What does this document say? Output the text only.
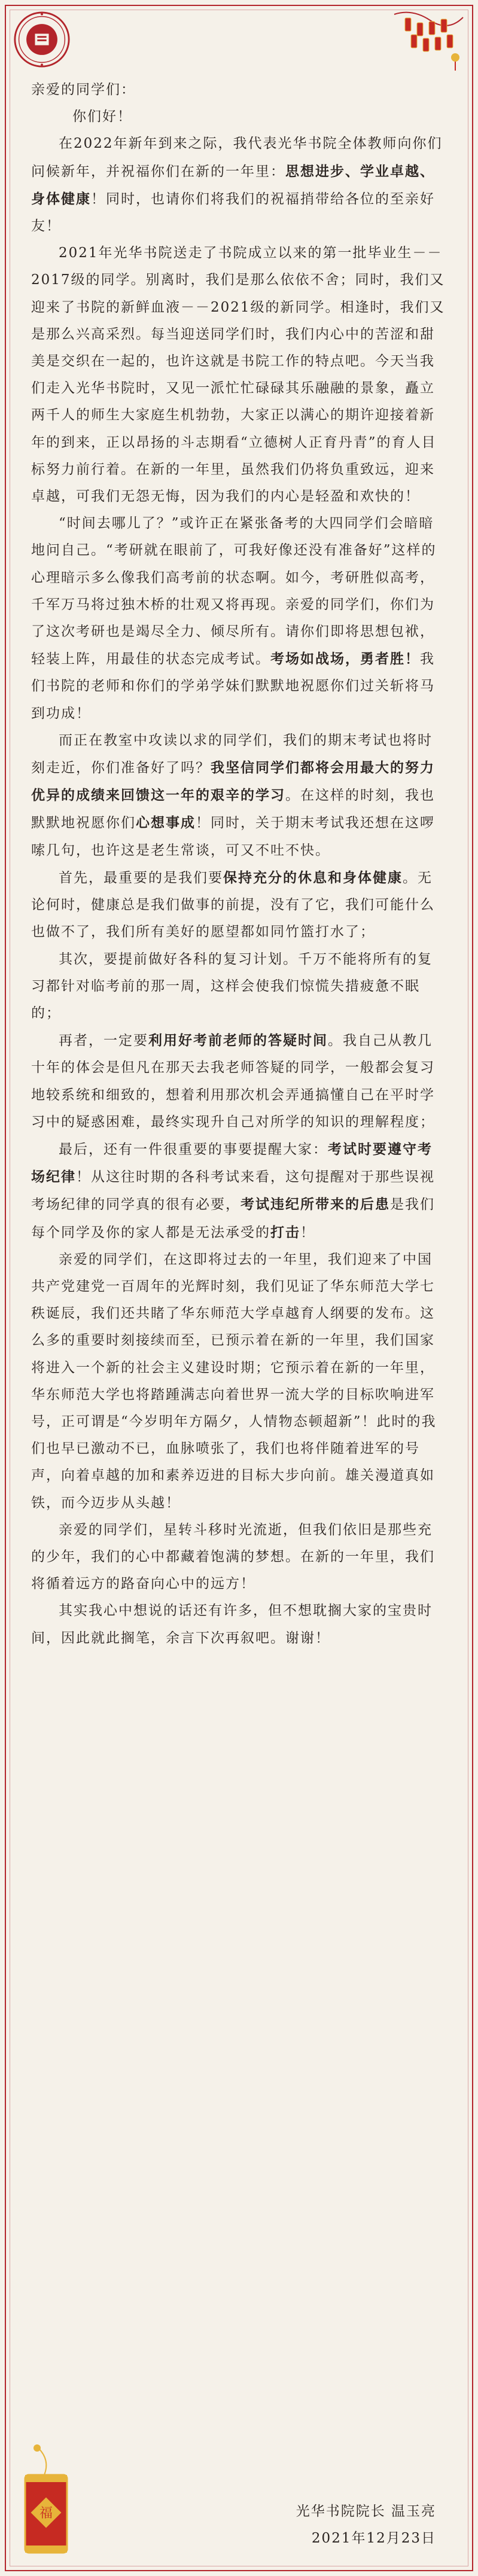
亲爱的同学们：

你们好！

在2022年新年到来之际，我代表光华书院全体教师向你们问候新年，并祝福你们在新的一年里：思想进步、学业卓越、身体健康！同时，也请你们将我们的祝福捎带给各位的至亲好友！

2021年光华书院送走了书院成立以来的第一批毕业生－－2017级的同学。别离时，我们是那么依依不舍；同时，我们又迎来了书院的新鲜血液－－2021级的新同学。相逢时，我们又是那么兴高采烈。每当迎送同学们时，我们内心中的苦涩和甜美是交织在一起的，也许这就是书院工作的特点吧。今天当我们走入光华书院时，又见一派忙忙碌碌其乐融融的景象，矗立两千人的师生大家庭生机勃勃，大家正以满心的期许迎接着新年的到来，正以昂扬的斗志期看“立德树人正育丹青”的育人目标努力前行着。在新的一年里，虽然我们仍将负重致远，迎来卓越，可我们无怨无悔，因为我们的内心是轻盈和欢快的！

“时间去哪儿了？”或许正在紧张备考的大四同学们会暗暗地问自己。“考研就在眼前了，可我好像还没有准备好”这样的心理暗示多么像我们高考前的状态啊。如今，考研胜似高考，千军万马将过独木桥的壮观又将再现。亲爱的同学们，你们为了这次考研也是竭尽全力、倾尽所有。请你们即将思想包袱，轻装上阵，用最佳的状态完成考试。考场如战场，勇者胜！我们书院的老师和你们的学弟学妹们默默地祝愿你们过关斩将马到功成！

而正在教室中攻读以求的同学们，我们的期末考试也将时刻走近，你们准备好了吗？我坚信同学们都将会用最大的努力优异的成绩来回馈这一年的艰辛的学习。在这样的时刻，我也默默地祝愿你们心想事成！同时，关于期末考试我还想在这啰嗦几句，也许这是老生常谈，可又不吐不快。

首先，最重要的是我们要保持充分的休息和身体健康。无论何时，健康总是我们做事的前提，没有了它，我们可能什么也做不了，我们所有美好的愿望都如同竹篮打水了；

其次，要提前做好各科的复习计划。千万不能将所有的复习都针对临考前的那一周，这样会使我们惊慌失措疲惫不眠的；

再者，一定要利用好考前老师的答疑时间。我自己从教几十年的体会是但凡在那天去我老师答疑的同学，一般都会复习地较系统和细致的，想着利用那次机会弄通搞懂自己在平时学习中的疑惑困难，最终实现升自己对所学的知识的理解程度；

最后，还有一件很重要的事要提醒大家：考试时要遵守考场纪律！从这往时期的各科考试来看，这句提醒对于那些误视考场纪律的同学真的很有必要，考试违纪所带来的后患是我们每个同学及你的家人都是无法承受的打击！

亲爱的同学们，在这即将过去的一年里，我们迎来了中国共产党建党一百周年的光辉时刻，我们见证了华东师范大学七秩诞辰，我们还共睹了华东师范大学卓越育人纲要的发布。这么多的重要时刻接续而至，已预示着在新的一年里，我们国家将进入一个新的社会主义建设时期；它预示着在新的一年里，华东师范大学也将踏踵满志向着世界一流大学的目标吹响进军号，正可谓是“今岁明年方隔夕，人情物态顿超新”！此时的我们也早已激动不已，血脉喷张了，我们也将伴随着进军的号声，向着卓越的加和素养迈进的目标大步向前。雄关漫道真如铁，而今迈步从头越！

亲爱的同学们，星转斗移时光流逝，但我们依旧是那些充的少年，我们的心中都藏着饱满的梦想。在新的一年里，我们将循着远方的路奋向心中的远方！

其实我心中想说的话还有许多，但不想耽搁大家的宝贵时间，因此就此搁笔，余言下次再叙吧。谢谢！

光华书院院长 温玉亮
2021年12月23日
福
